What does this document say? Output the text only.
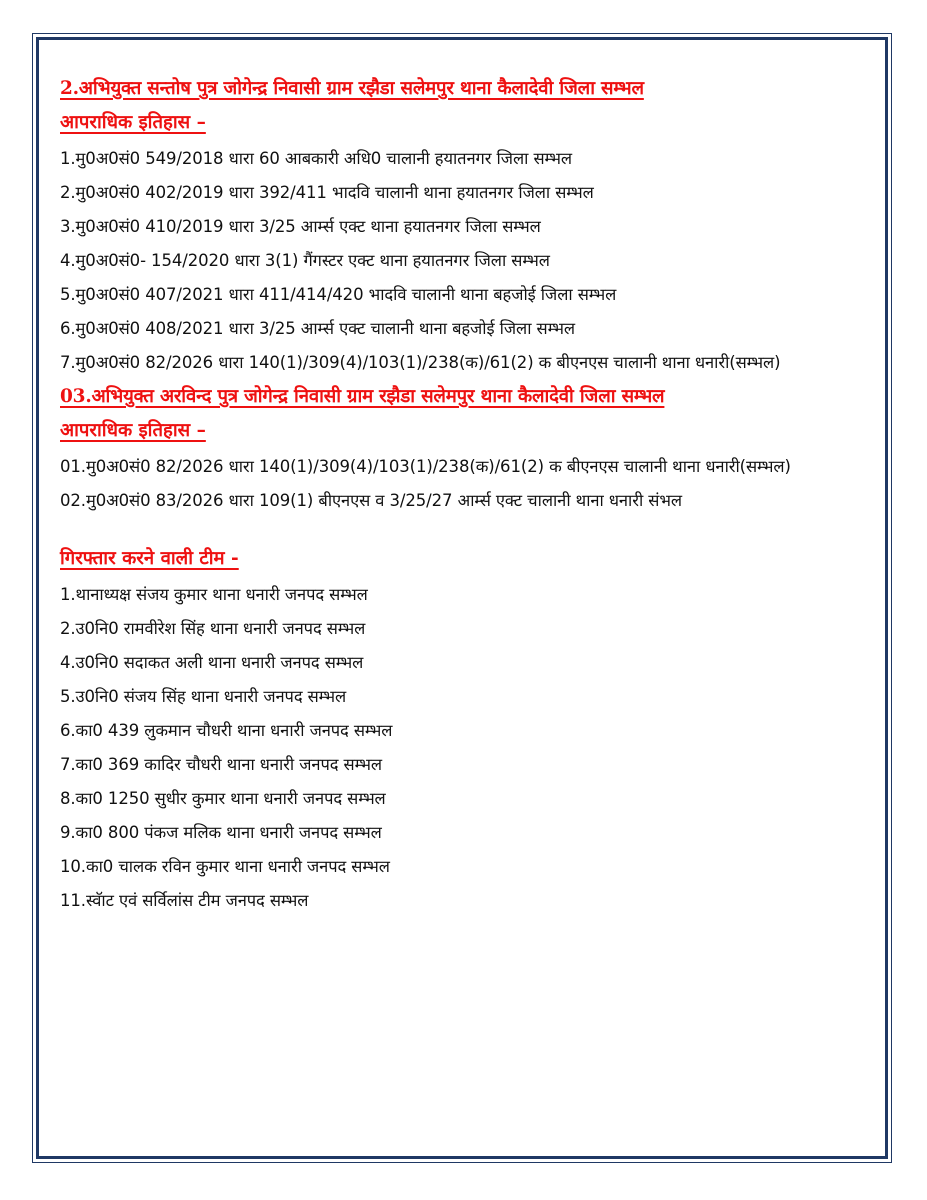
2.अभियुक्त सन्तोष पुत्र जोगेन्द्र निवासी ग्राम रझैडा सलेमपुर थाना कैलादेवी जिला सम्भल
आपराधिक इतिहास –
1.मु0अ0सं0 549/2018 धारा 60 आबकारी अधि0 चालानी हयातनगर जिला सम्भल
2.मु0अ0सं0 402/2019 धारा 392/411 भादवि चालानी थाना हयातनगर जिला सम्भल
3.मु0अ0सं0 410/2019 धारा 3/25 आर्म्स एक्ट थाना हयातनगर जिला सम्भल
4.मु0अ0सं0- 154/2020 धारा 3(1) गैंगस्टर एक्ट थाना हयातनगर जिला सम्भल
5.मु0अ0सं0 407/2021 धारा 411/414/420 भादवि चालानी थाना बहजोई जिला सम्भल
6.मु0अ0सं0 408/2021 धारा 3/25 आर्म्स एक्ट चालानी थाना बहजोई जिला सम्भल
7.मु0अ0सं0 82/2026 धारा 140(1)/309(4)/103(1)/238(क)/61(2) क बीएनएस चालानी थाना धनारी(सम्भल)
03.अभियुक्त अरविन्द पुत्र जोगेन्द्र निवासी ग्राम रझैडा सलेमपुर थाना कैलादेवी जिला सम्भल
आपराधिक इतिहास –
01.मु0अ0सं0 82/2026 धारा 140(1)/309(4)/103(1)/238(क)/61(2) क बीएनएस चालानी थाना धनारी(सम्भल)
02.मु0अ0सं0 83/2026 धारा 109(1) बीएनएस व 3/25/27 आर्म्स एक्ट चालानी थाना धनारी संभल
गिरफ्तार करने वाली टीम -
1.थानाध्यक्ष संजय कुमार थाना धनारी जनपद सम्भल
2.उ0नि0 रामवीरेश सिंह थाना धनारी जनपद सम्भल
4.उ0नि0 सदाकत अली थाना धनारी जनपद सम्भल
5.उ0नि0 संजय सिंह थाना धनारी जनपद सम्भल
6.का0 439 लुकमान चौधरी थाना धनारी जनपद सम्भल
7.का0 369 कादिर चौधरी थाना धनारी जनपद सम्भल
8.का0 1250 सुधीर कुमार थाना धनारी जनपद सम्भल
9.का0 800 पंकज मलिक थाना धनारी जनपद सम्भल
10.का0 चालक रविन कुमार थाना धनारी जनपद सम्भल
11.स्वॅाट एवं सर्विलांस टीम जनपद सम्भल
